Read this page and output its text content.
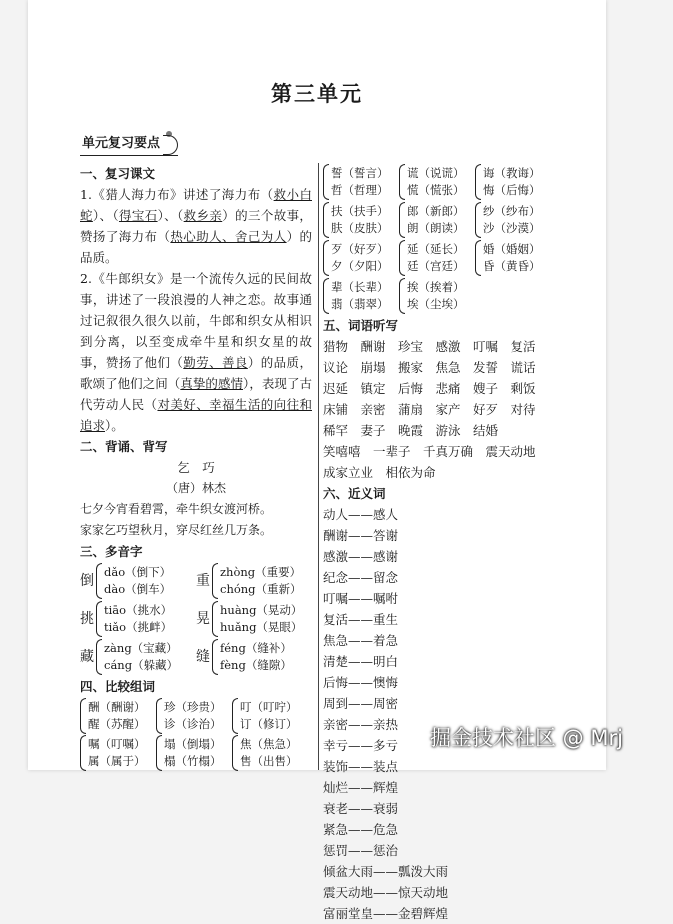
第三单元
单元复习要点
一、复习课文

1.《猎人海力布》讲述了海力布（救小白蛇）、（得宝石）、（救乡亲）的三个故事，赞扬了海力布（热心助人、舍己为人）的品质。

2.《牛郎织女》是一个流传久远的民间故事，讲述了一段浪漫的人神之恋。故事通过记叙很久很久以前，牛郎和织女从相识到分离，以至变成牵牛星和织女星的故事，赞扬了他们（勤劳、善良）的品质，歌颂了他们之间（真挚的感情），表现了古代劳动人民（对美好、幸福生活的向往和追求）。

二、背诵、背写
乞　巧
（唐）林杰
七夕今宵看碧霄，牵牛织女渡河桥。
家家乞巧望秋月，穿尽红丝几万条。
三、多音字
倒
dǎo（倒下）
dào（倒车）
重
zhòng（重要）
chóng（重新）
挑
tiāo（挑水）
tiǎo（挑衅）
晃
huàng（晃动）
huǎng（晃眼）
藏
zàng（宝藏）
cáng（躲藏）
缝
féng（缝补）
fèng（缝隙）
四、比较组词
酬（酬谢）
醒（苏醒）
嘱（叮嘱）
属（属于）
珍（珍贵）
诊（诊治）
塌（倒塌）
榻（竹榻）
叮（叮咛）
订（修订）
焦（焦急）
售（出售）
誓（誓言）
哲（哲理）
谎（说谎）
慌（慌张）
诲（教诲）
悔（后悔）
扶（扶手）
肤（皮肤）
郎（新郎）
朗（朗读）
纱（纱布）
沙（沙漠）
歹（好歹）
夕（夕阳）
延（延长）
廷（宫廷）
婚（婚姻）
昏（黄昏）
辈（长辈）
翡（翡翠）
挨（挨着）
埃（尘埃）
五、词语听写
猎物　酬谢　珍宝　感激　叮嘱　复活
议论　崩塌　搬家　焦急　发誓　谎话
迟延　镇定　后悔　悲痛　嫂子　剩饭
床铺　亲密　蒲扇　家产　好歹　对待
稀罕　妻子　晚霞　游泳　结婚
笑嘻嘻　一辈子　千真万确　震天动地
成家立业　相依为命
六、近义词
动人——感人
酬谢——答谢
感激——感谢
纪念——留念
叮嘱——嘱咐
复活——重生
焦急——着急
清楚——明白
后悔——懊悔
周到——周密
亲密——亲热
幸亏——多亏
装饰——装点
灿烂——辉煌
衰老——衰弱
紧急——危急
惩罚——惩治
倾盆大雨——瓢泼大雨
震天动地——惊天动地
富丽堂皇——金碧辉煌
掘金技术社区 @ Mrj
